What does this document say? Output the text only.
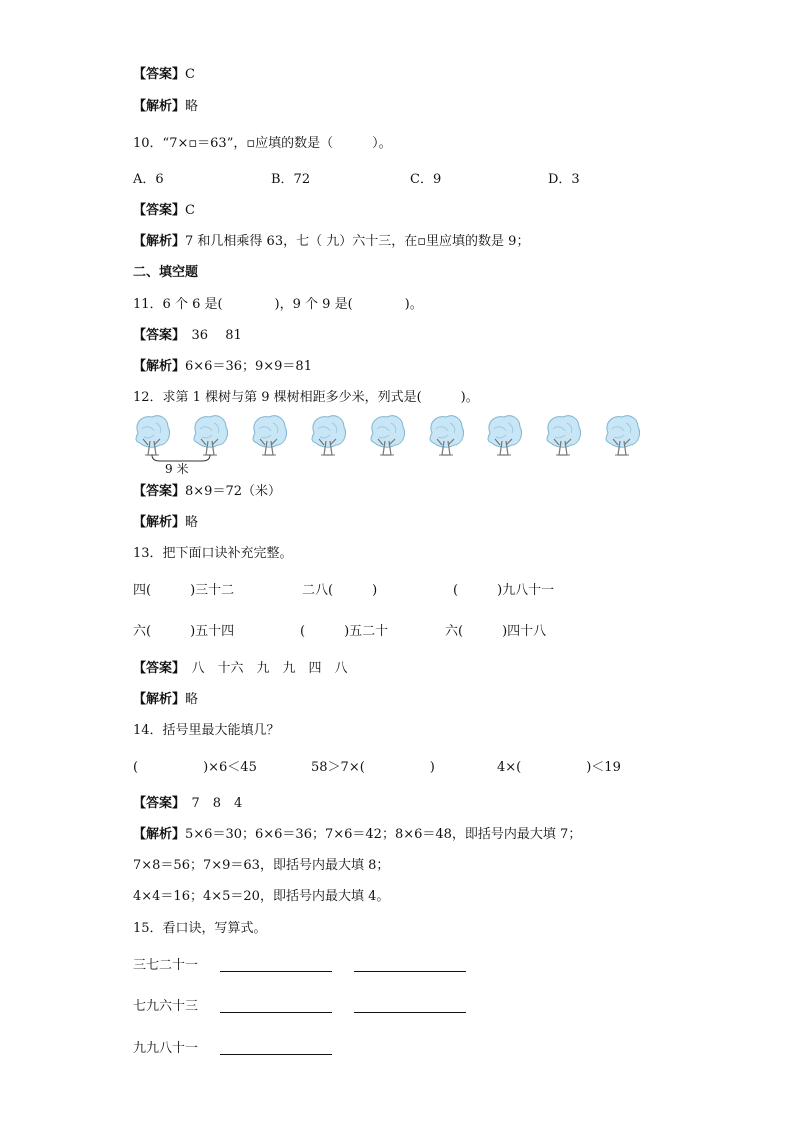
【答案】C
【解析】略
10．“7×▫＝63”，▫应填的数是（　　　）。
A．6	B．72	C．9	D．3
【答案】C
【解析】7 和几相乘得 63，七（ 九）六十三，在▫里应填的数是 9；
二、填空题
11．6 个 6 是(　　　　)，9 个 9 是(　　　　)。
【答案】　36　 81
【解析】6×6＝36；9×9＝81
12．求第 1 棵树与第 9 棵树相距多少米，列式是(　　　)。
9 米
【答案】8×9＝72（米）
【解析】略
13．把下面口诀补充完整。
四(　　　)三十二	二八(　　　)	(　　　)九八十一
六(　　　)五十四	(　　　)五二十	六(　　　)四十八
【答案】　八　十六　九　九　四　八
【解析】略
14．括号里最大能填几？
(　　　　　)×6＜45	58＞7×(　　　　　)	4×(　　　　　)＜19
【答案】　7　8　4
【解析】5×6＝30；6×6＝36；7×6＝42；8×6＝48，即括号内最大填 7；
7×8＝56；7×9＝63，即括号内最大填 8；
4×4＝16；4×5＝20，即括号内最大填 4。
15．看口诀，写算式。
三七二十一
七九六十三
九九八十一
